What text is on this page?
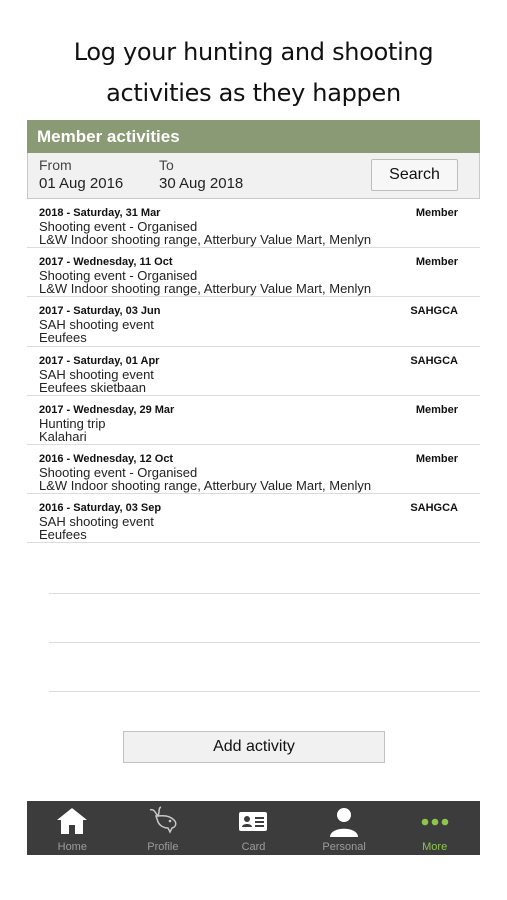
Log your hunting and shooting
activities as they happen
Member activities
From
01 Aug 2016
To
30 Aug 2018
Search
2018 - Saturday, 31 Mar
Shooting event - Organised
L&W Indoor shooting range, Atterbury Value Mart, Menlyn
Member
2017 - Wednesday, 11 Oct
Shooting event - Organised
L&W Indoor shooting range, Atterbury Value Mart, Menlyn
Member
2017 - Saturday, 03 Jun
SAH shooting event
Eeufees
SAHGCA
2017 - Saturday, 01 Apr
SAH shooting event
Eeufees skietbaan
SAHGCA
2017 - Wednesday, 29 Mar
Hunting trip
Kalahari
Member
2016 - Wednesday, 12 Oct
Shooting event - Organised
L&W Indoor shooting range, Atterbury Value Mart, Menlyn
Member
2016 - Saturday, 03 Sep
SAH shooting event
Eeufees
SAHGCA
Add activity
Home	Profile	Card	Personal	More
